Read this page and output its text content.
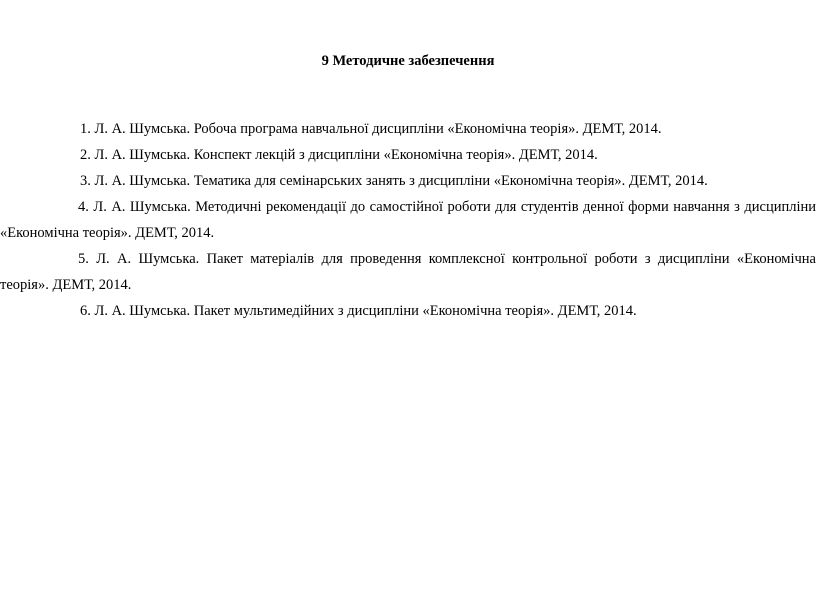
9 Методичне забезпечення
1. Л. А. Шумська. Робоча програма навчальної дисципліни «Економічна теорія». ДЕМТ, 2014.
2. Л. А. Шумська. Конспект лекцій з дисципліни «Економічна теорія». ДЕМТ, 2014.
3. Л. А. Шумська. Тематика для семінарських занять з дисципліни «Економічна теорія». ДЕМТ, 2014.
4. Л. А. Шумська. Методичні рекомендації до самостійної роботи для студентів денної форми навчання з дисципліни «Економічна теорія». ДЕМТ, 2014.
5. Л. А. Шумська. Пакет матеріалів для проведення комплексної контрольної роботи з дисципліни «Економічна теорія». ДЕМТ, 2014.
6. Л. А. Шумська. Пакет мультимедійних з дисципліни «Економічна теорія». ДЕМТ, 2014.
